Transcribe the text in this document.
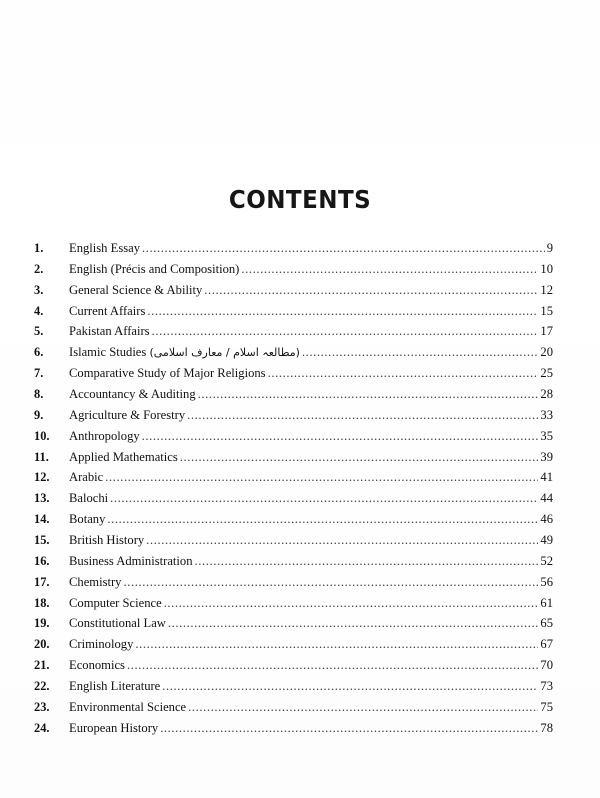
CONTENTS
1.	English Essay .....	9
2.	English (Précis and Composition) .....	10
3.	General Science & Ability .....	12
4.	Current Affairs .....	15
5.	Pakistan Affairs .....	17
6.	Islamic Studies (مطالعہ اسلام / معارف اسلامی) .....	20
7.	Comparative Study of Major Religions .....	25
8.	Accountancy & Auditing .....	28
9.	Agriculture & Forestry .....	33
10.	Anthropology .....	35
11.	Applied Mathematics .....	39
12.	Arabic .....	41
13.	Balochi .....	44
14.	Botany .....	46
15.	British History .....	49
16.	Business Administration .....	52
17.	Chemistry .....	56
18.	Computer Science .....	61
19.	Constitutional Law .....	65
20.	Criminology .....	67
21.	Economics .....	70
22.	English Literature .....	73
23.	Environmental Science .....	75
24.	European History .....	78
